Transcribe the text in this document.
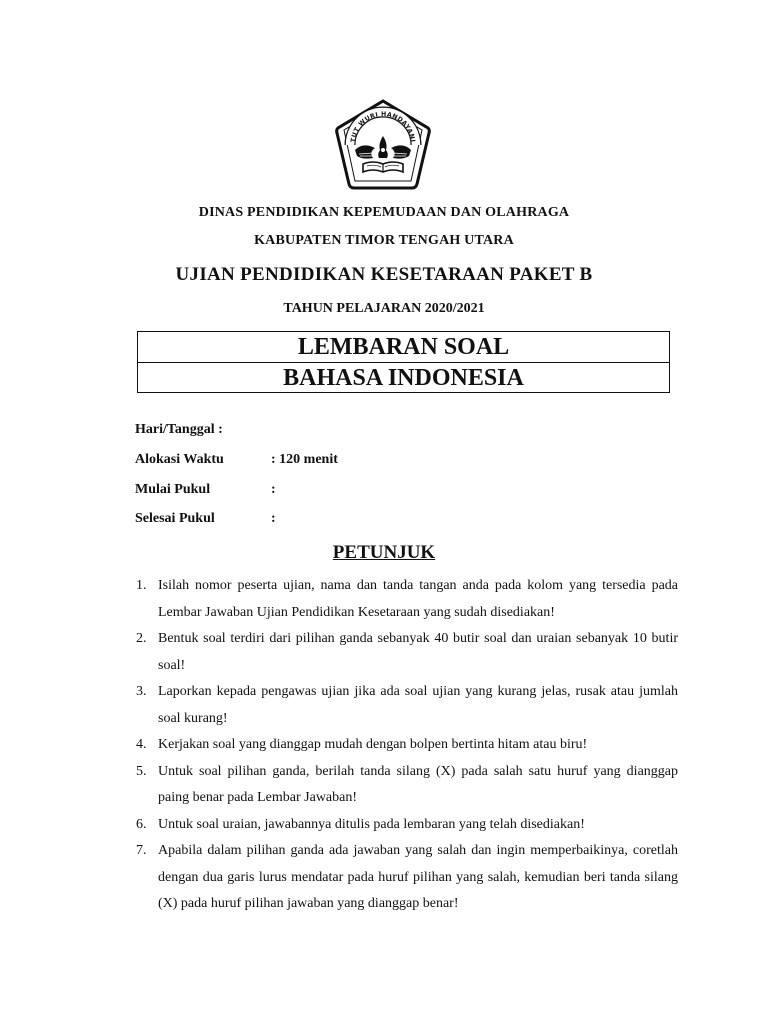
TUT WURI HANDAYANI
DINAS PENDIDIKAN KEPEMUDAAN DAN OLAHRAGA
KABUPATEN TIMOR TENGAH UTARA
UJIAN PENDIDIKAN KESETARAAN PAKET B
TAHUN PELAJARAN 2020/2021
LEMBARAN SOAL
BAHASA INDONESIA
Hari/Tanggal :
Alokasi Waktu	: 120 menit
Mulai Pukul	:
Selesai Pukul	:
PETUNJUK
1. Isilah nomor peserta ujian, nama dan tanda tangan anda pada kolom yang tersedia pada Lembar Jawaban Ujian Pendidikan Kesetaraan yang sudah disediakan!
2. Bentuk soal terdiri dari pilihan ganda sebanyak 40 butir soal dan uraian sebanyak 10 butir soal!
3. Laporkan kepada pengawas ujian jika ada soal ujian yang kurang jelas, rusak atau jumlah soal kurang!
4. Kerjakan soal yang dianggap mudah dengan bolpen bertinta hitam atau biru!
5. Untuk soal pilihan ganda, berilah tanda silang (X) pada salah satu huruf yang dianggap paing benar pada Lembar Jawaban!
6. Untuk soal uraian, jawabannya ditulis pada lembaran yang telah disediakan!
7. Apabila dalam pilihan ganda ada jawaban yang salah dan ingin memperbaikinya, coretlah dengan dua garis lurus mendatar pada huruf pilihan yang salah, kemudian beri tanda silang (X) pada huruf pilihan jawaban yang dianggap benar!
